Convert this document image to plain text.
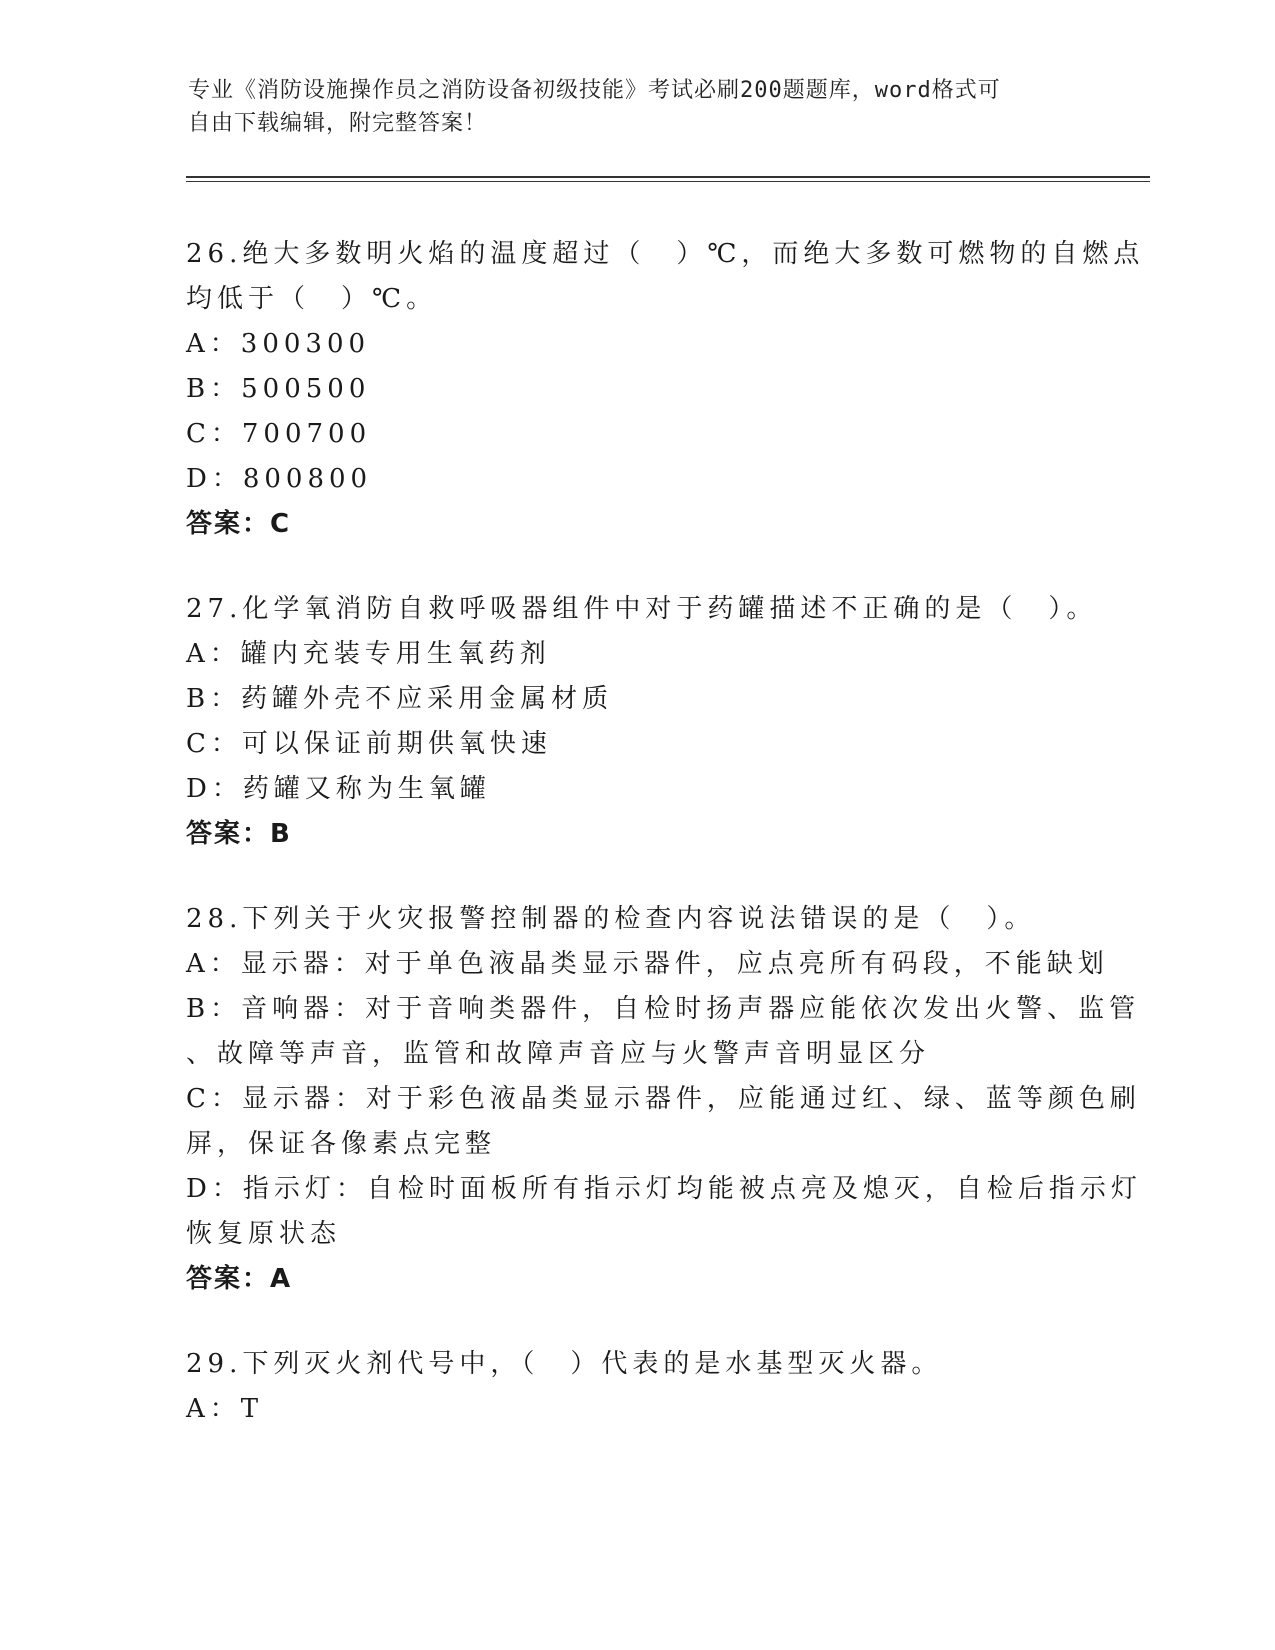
专业《消防设施操作员之消防设备初级技能》考试必刷200题题库，word格式可
自由下载编辑，附完整答案！
26.绝大多数明火焰的温度超过（　）℃，而绝大多数可燃物的自燃点
均低于（　）℃。
A：300300
B：500500
C：700700
D：800800
答案：C
27.化学氧消防自救呼吸器组件中对于药罐描述不正确的是（　）。
A：罐内充装专用生氧药剂
B：药罐外壳不应采用金属材质
C：可以保证前期供氧快速
D：药罐又称为生氧罐
答案：B
28.下列关于火灾报警控制器的检查内容说法错误的是（　）。
A：显示器：对于单色液晶类显示器件，应点亮所有码段，不能缺划
B：音响器：对于音响类器件，自检时扬声器应能依次发出火警、监管
、故障等声音，监管和故障声音应与火警声音明显区分
C：显示器：对于彩色液晶类显示器件，应能通过红、绿、蓝等颜色刷
屏，保证各像素点完整
D：指示灯：自检时面板所有指示灯均能被点亮及熄灭，自检后指示灯
恢复原状态
答案：A
29.下列灭火剂代号中，（　）代表的是水基型灭火器。
A：T
